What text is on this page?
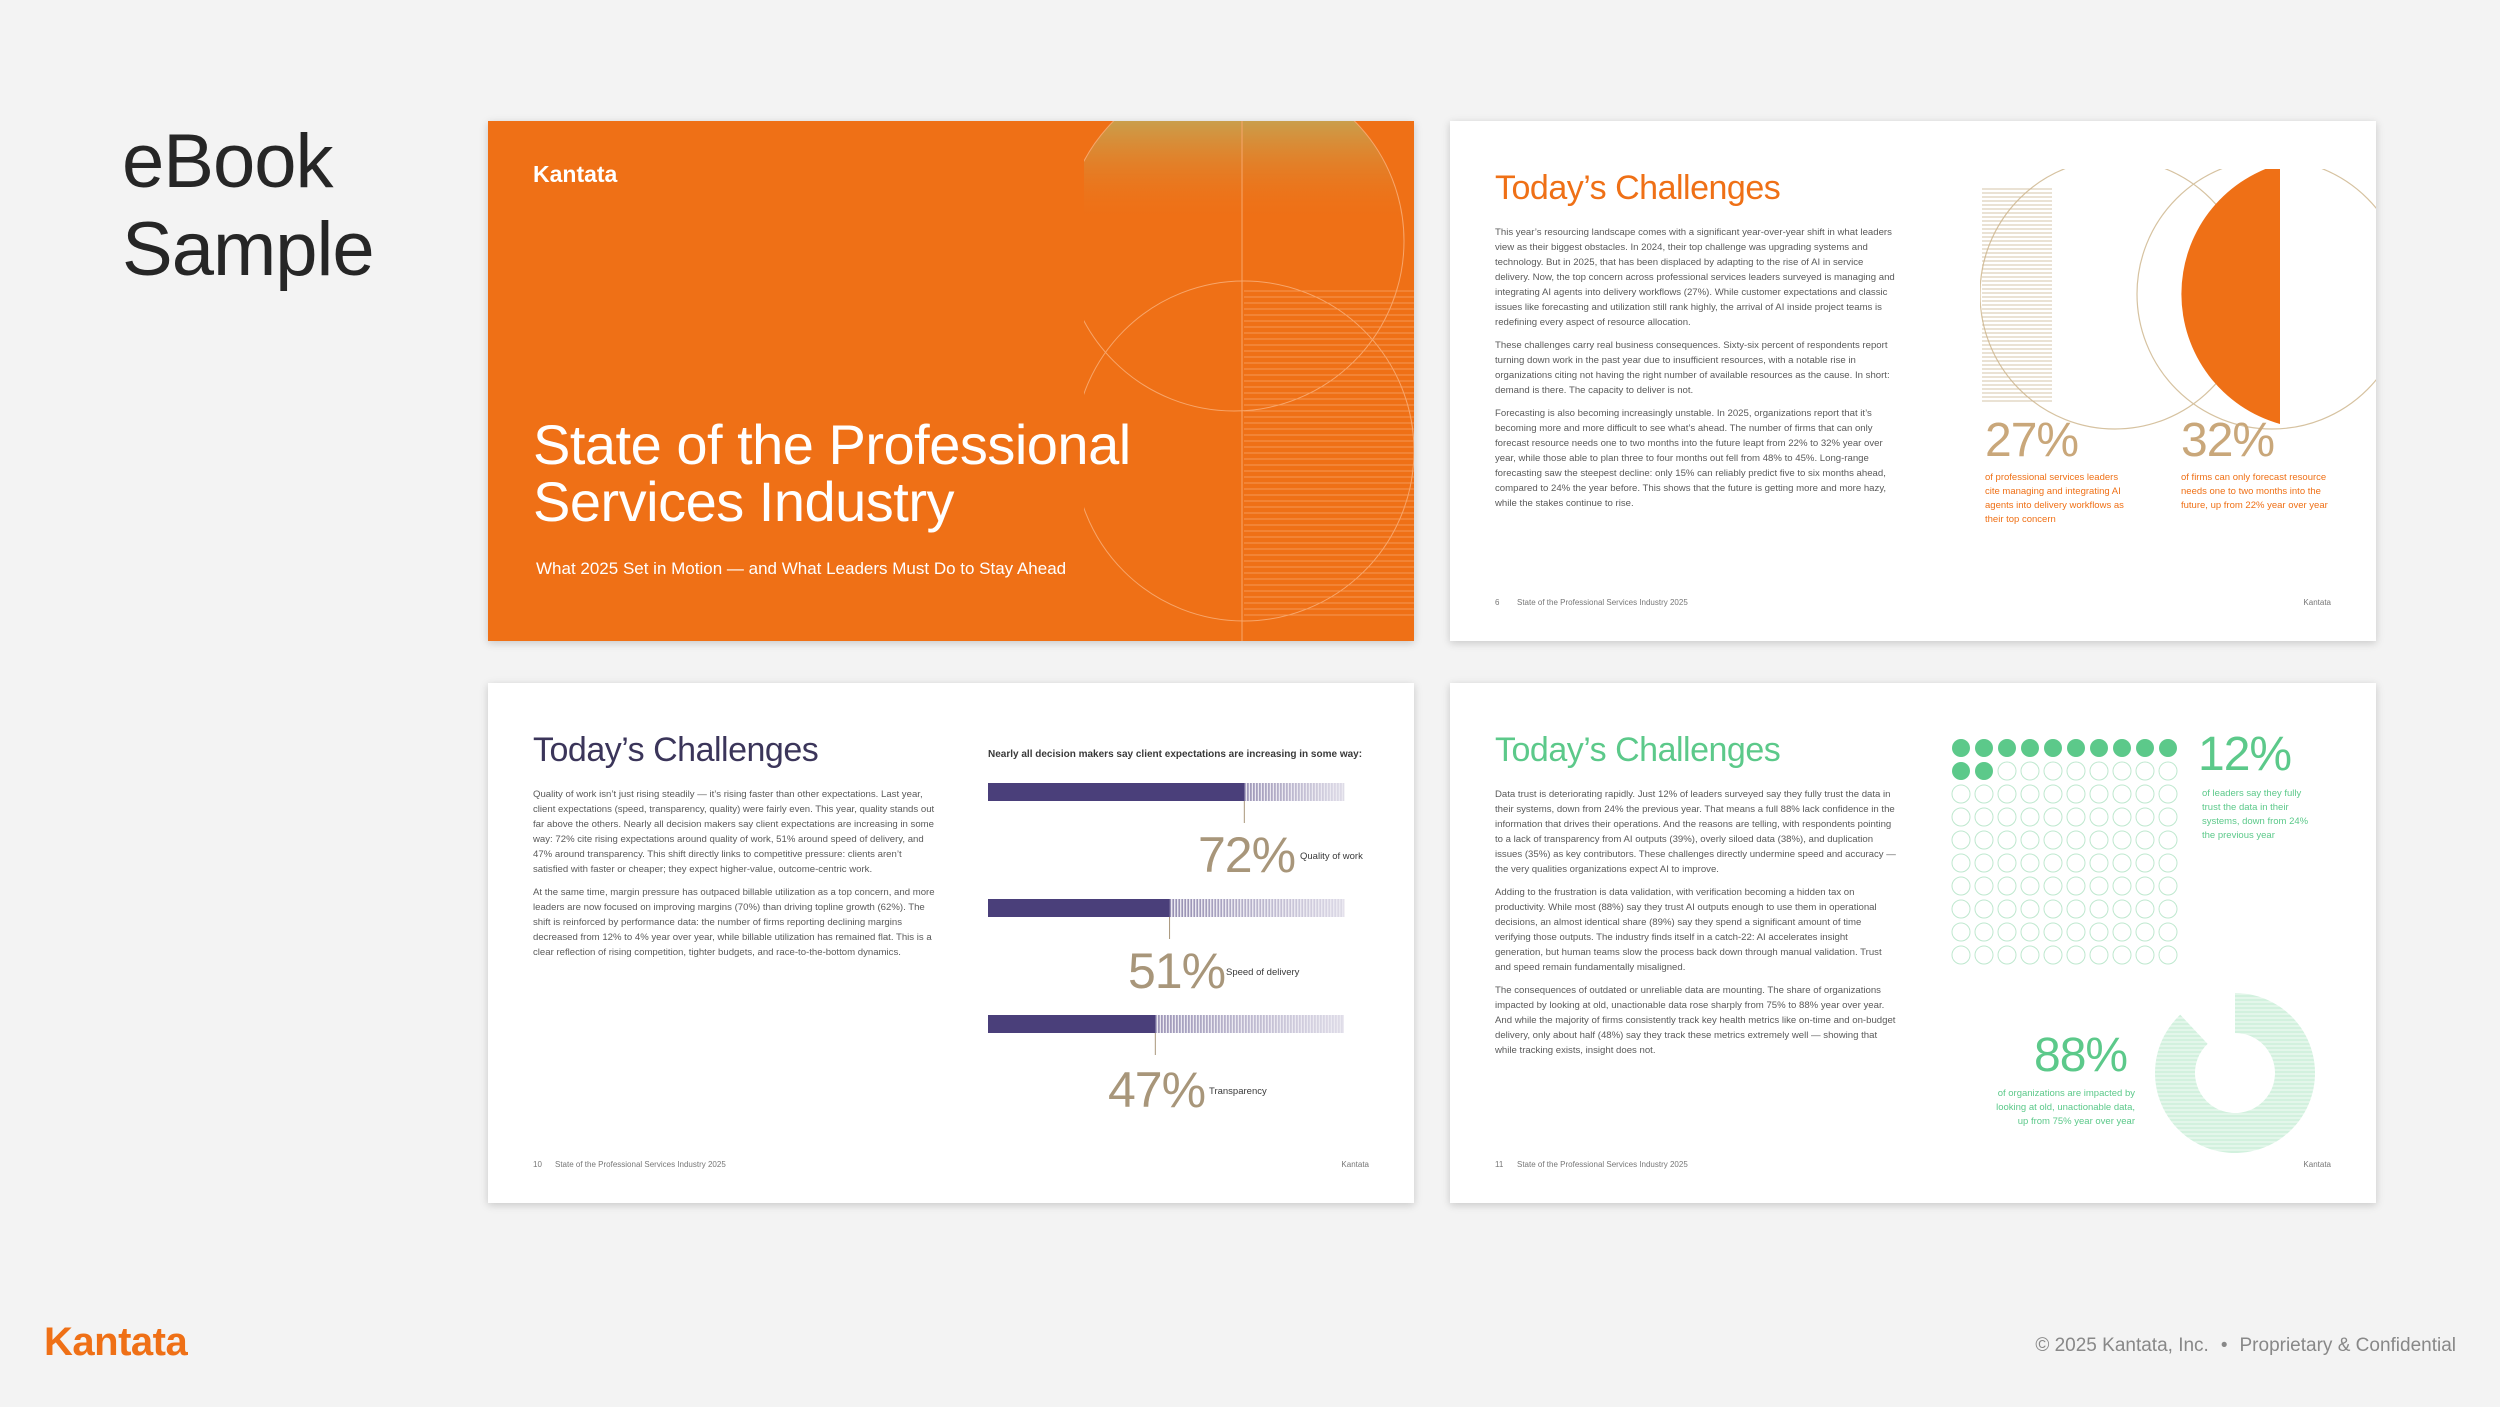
eBook
Sample
Kantata
State of the Professional Services Industry
What 2025 Set in Motion — and What Leaders Must Do to Stay Ahead
Today’s Challenges

This year’s resourcing landscape comes with a significant year-over-year shift in what leaders view as their biggest obstacles. In 2024, their top challenge was upgrading systems and technology. But in 2025, that has been displaced by adapting to the rise of AI in service delivery. Now, the top concern across professional services leaders surveyed is managing and integrating AI agents into delivery workflows (27%). While customer expectations and classic issues like forecasting and utilization still rank highly, the arrival of AI inside project teams is redefining every aspect of resource allocation.

These challenges carry real business consequences. Sixty-six percent of respondents report turning down work in the past year due to insufficient resources, with a notable rise in organizations citing not having the right number of available resources as the cause. In short: demand is there. The capacity to deliver is not.

Forecasting is also becoming increasingly unstable. In 2025, organizations report that it’s becoming more and more difficult to see what’s ahead. The number of firms that can only forecast resource needs one to two months into the future leapt from 22% to 32% year over year, while those able to plan three to four months out fell from 48% to 45%. Long-range forecasting saw the steepest decline: only 15% can reliably predict five to six months ahead, compared to 24% the year before. This shows that the future is getting more and more hazy, while the stakes continue to rise.

27%
of professional services leaders cite managing and integrating AI agents into delivery workflows as their top concern
32%
of firms can only forecast resource needs one to two months into the future, up from 22% year over year
6 State of the Professional Services Industry 2025	Kantata
Today’s Challenges

Quality of work isn’t just rising steadily — it’s rising faster than other expectations. Last year, client expectations (speed, transparency, quality) were fairly even. This year, quality stands out far above the others. Nearly all decision makers say client expectations are increasing in some way: 72% cite rising expectations around quality of work, 51% around speed of delivery, and 47% around transparency. This shift directly links to competitive pressure: clients aren’t satisfied with faster or cheaper; they expect higher-value, outcome-centric work.

At the same time, margin pressure has outpaced billable utilization as a top concern, and more leaders are now focused on improving margins (70%) than driving topline growth (62%). The shift is reinforced by performance data: the number of firms reporting declining margins decreased from 12% to 4% year over year, while billable utilization has remained flat. This is a clear reflection of rising competition, tighter budgets, and race-to-the-bottom dynamics.

Nearly all decision makers say client expectations are increasing in some way:
72% Quality of work
51% Speed of delivery
47% Transparency
10 State of the Professional Services Industry 2025	Kantata
Today’s Challenges

Data trust is deteriorating rapidly. Just 12% of leaders surveyed say they fully trust the data in their systems, down from 24% the previous year. That means a full 88% lack confidence in the information that drives their operations. And the reasons are telling, with respondents pointing to a lack of transparency from AI outputs (39%), overly siloed data (38%), and duplication issues (35%) as key contributors. These challenges directly undermine speed and accuracy — the very qualities organizations expect AI to improve.

Adding to the frustration is data validation, with verification becoming a hidden tax on productivity. While most (88%) say they trust AI outputs enough to use them in operational decisions, an almost identical share (89%) say they spend a significant amount of time verifying those outputs. The industry finds itself in a catch-22: AI accelerates insight generation, but human teams slow the process back down through manual validation. Trust and speed remain fundamentally misaligned.

The consequences of outdated or unreliable data are mounting. The share of organizations impacted by looking at old, unactionable data rose sharply from 75% to 88% year over year. And while the majority of firms consistently track key health metrics like on-time and on-budget delivery, only about half (48%) say they track these metrics extremely well — showing that while tracking exists, insight does not.

12%
of leaders say they fully trust the data in their systems, down from 24% the previous year
88%
of organizations are impacted by looking at old, unactionable data, up from 75% year over year
11 State of the Professional Services Industry 2025	Kantata
Kantata	© 2025 Kantata, Inc. • Proprietary & Confidential
